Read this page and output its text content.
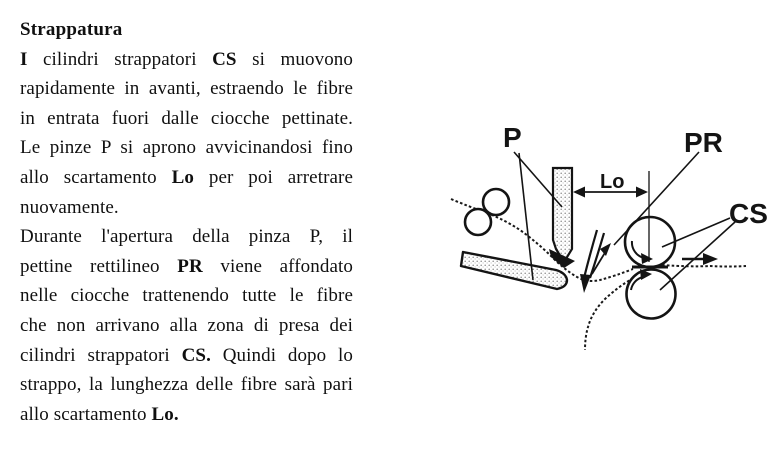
Strappatura
I cilindri strappatori CS si muovono
rapidamente in avanti, estraendo le fibre
in entrata fuori dalle ciocche pettinate.
Le pinze P si aprono avvicinandosi fino
allo scartamento Lo per poi arretrare
nuovamente.
Durante l'apertura della pinza P, il
pettine rettilineo PR viene affondato
nelle ciocche trattenendo tutte le fibre
che non arrivano alla zona di presa dei
cilindri strappatori CS. Quindi dopo lo
strappo, la lunghezza delle fibre sarà pari
allo scartamento Lo.
P	PR
Lo
CS
